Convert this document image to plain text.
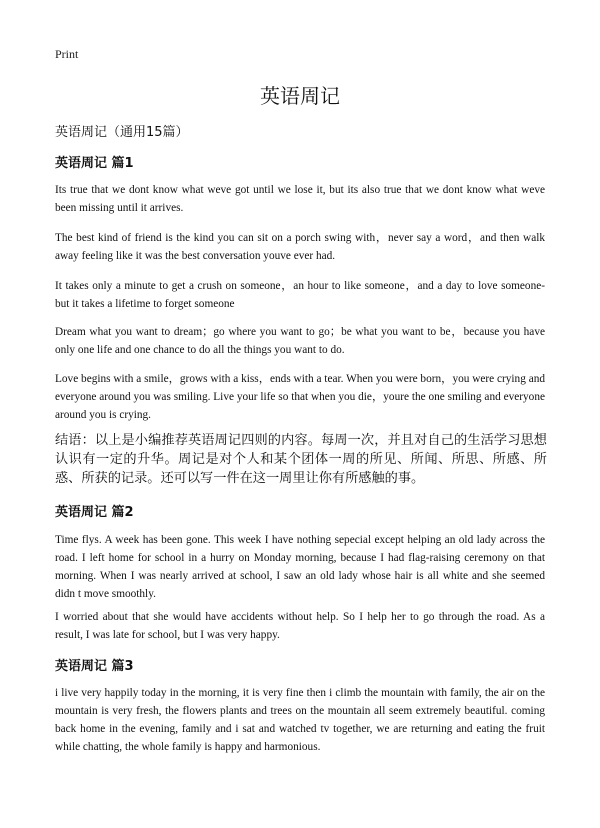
Print
英语周记

英语周记（通用15篇）

英语周记 篇1

Its true that we dont know what weve got until we lose it, but its also true that we dont know what weve been missing until it arrives.

The best kind of friend is the kind you can sit on a porch swing with，never say a word，and then walk away feeling like it was the best conversation youve ever had.

It takes only a minute to get a crush on someone，an hour to like someone，and a day to love someone- but it takes a lifetime to forget someone

Dream what you want to dream；go where you want to go；be what you want to be，because you have only one life and one chance to do all the things you want to do.

Love begins with a smile，grows with a kiss，ends with a tear. When you were born，you were crying and everyone around you was smiling. Live your life so that when you die，youre the one smiling and everyone around you is crying.

结语：以上是小编推荐英语周记四则的内容。每周一次，并且对自己的生活学习思想认识有一定的升华。周记是对个人和某个团体一周的所见、所闻、所思、所感、所惑、所获的记录。还可以写一件在这一周里让你有所感触的事。

英语周记 篇2

Time flys. A week has been gone. This week I have nothing sepecial except helping an old lady across the road. I left home for school in a hurry on Monday morning, because I had flag-raising ceremony on that morning. When I was nearly arrived at school, I saw an old lady whose hair is all white and she seemed didn t move smoothly.

I worried about that she would have accidents without help. So I help her to go through the road. As a result, I was late for school, but I was very happy.

英语周记 篇3

i live very happily today in the morning, it is very fine then i climb the mountain with family, the air on the mountain is very fresh, the flowers plants and trees on the mountain all seem extremely beautiful. coming back home in the evening, family and i sat and watched tv together, we are returning and eating the fruit while chatting, the whole family is happy and harmonious.
